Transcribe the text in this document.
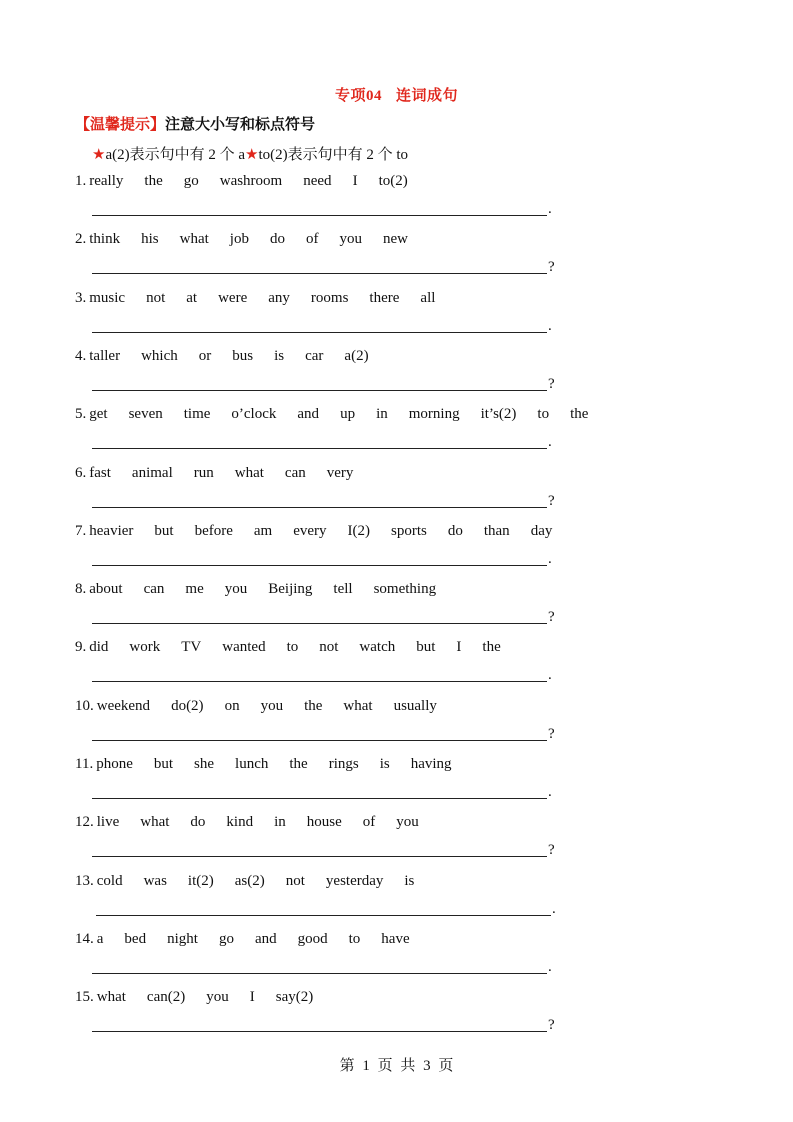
专项04 连词成句
【温馨提示】注意大小写和标点符号
★a(2)表示句中有 2 个 a★to(2)表示句中有 2 个 to
1. really the go washroom need I to(2)
.
2. think his what job do of you new
?
3. music not at were any rooms there all
.
4. taller which or bus is car a(2)
?
5. get seven time o’clock and up in morning it’s(2) to the
.
6. fast animal run what can very
?
7. heavier but before am every I(2) sports do than day
.
8. about can me you Beijing tell something
?
9. did work TV wanted to not watch but I the
.
10. weekend do(2) on you the what usually
?
11. phone but she lunch the rings is having
.
12. live what do kind in house of you
?
13. cold was it(2) as(2) not yesterday is
.
14. a bed night go and good to have
.
15. what can(2) you I say(2)
?
第 1 页 共 3 页
